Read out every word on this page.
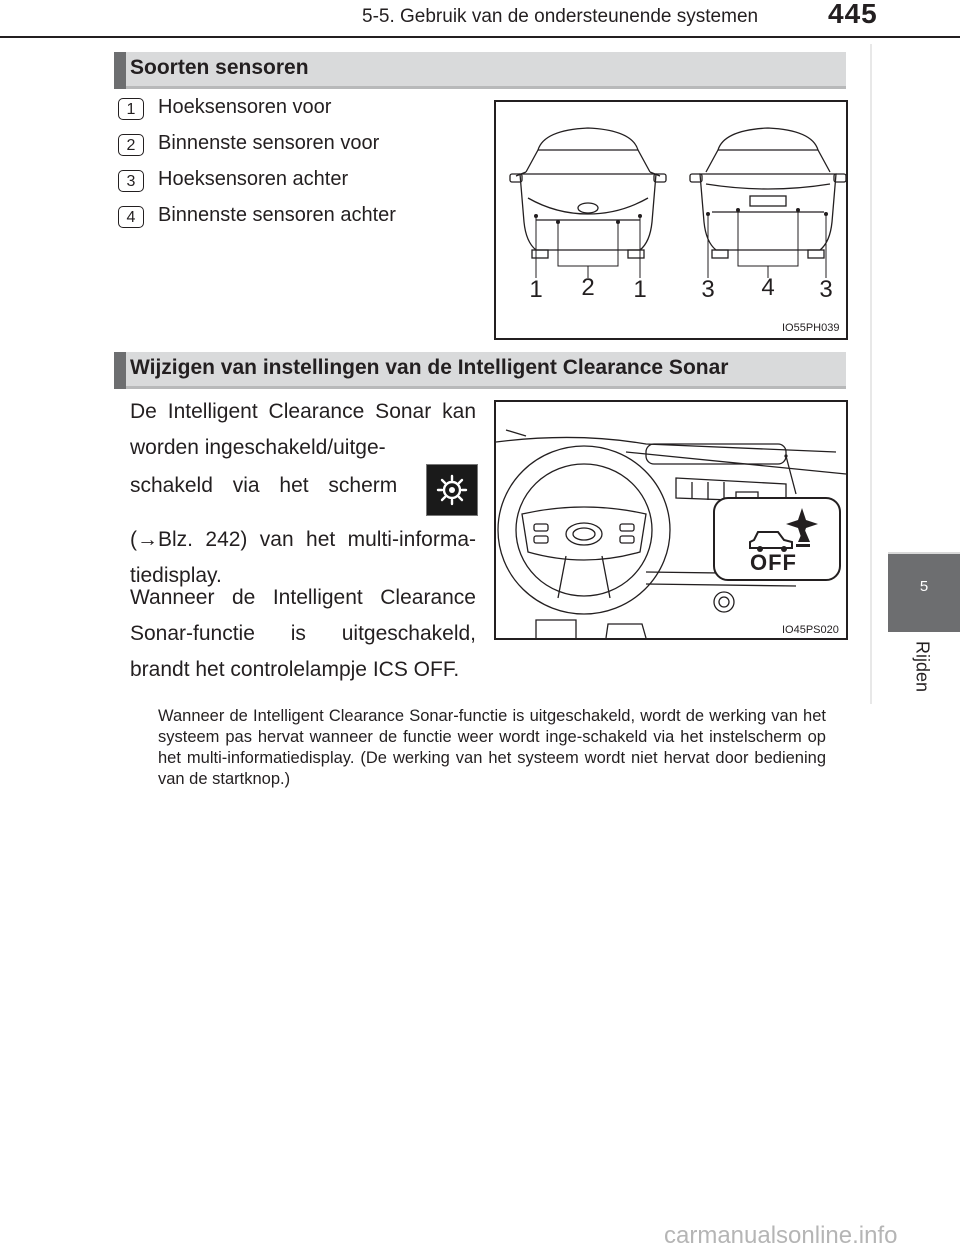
5-5. Gebruik van de ondersteunende systemen 445
5
Rijden
Soorten sensoren
1	Hoeksensoren voor
2	Binnenste sensoren voor
3	Hoeksensoren achter
4	Binnenste sensoren achter
1 2 1 3 4 3
IO55PH039
Wijzigen van instellingen van de Intelligent Clearance Sonar

De Intelligent Clearance Sonar kan worden ingeschakeld/uitge-

schakeld via het scherm

(→Blz. 242) van het multi-informa-tiedisplay.

Wanneer de Intelligent Clearance Sonar-functie is uitgeschakeld, brandt het controlelampje ICS OFF.

Wanneer de Intelligent Clearance Sonar-functie is uitgeschakeld, wordt de werking van het systeem pas hervat wanneer de functie weer wordt inge-schakeld via het instelscherm op het multi-informatiedisplay. (De werking van het systeem wordt niet hervat door bediening van de startknop.)
OFF
IO45PS020
carmanualsonline.info
